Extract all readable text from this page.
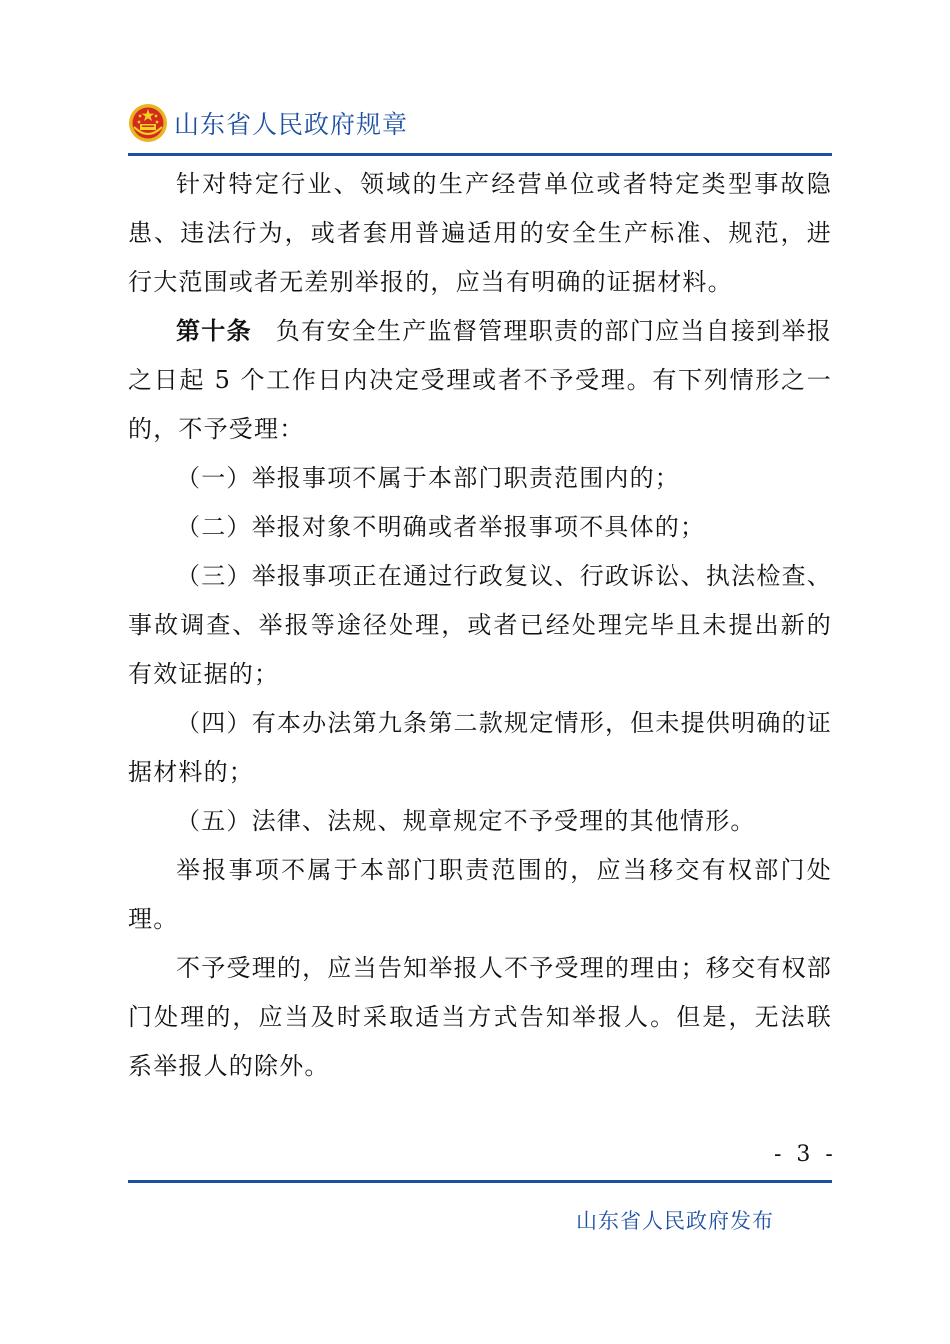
山东省人民政府规章

针对特定行业、领域的生产经营单位或者特定类型事故隐患、违法行为，或者套用普遍适用的安全生产标准、规范，进行大范围或者无差别举报的，应当有明确的证据材料。

第十条 负有安全生产监督管理职责的部门应当自接到举报之日起 5 个工作日内决定受理或者不予受理。有下列情形之一的，不予受理：

（一）举报事项不属于本部门职责范围内的；

（二）举报对象不明确或者举报事项不具体的；

（三）举报事项正在通过行政复议、行政诉讼、执法检查、事故调查、举报等途径处理，或者已经处理完毕且未提出新的有效证据的；

（四）有本办法第九条第二款规定情形，但未提供明确的证据材料的；

（五）法律、法规、规章规定不予受理的其他情形。

举报事项不属于本部门职责范围的，应当移交有权部门处理。

不予受理的，应当告知举报人不予受理的理由；移交有权部门处理的，应当及时采取适当方式告知举报人。但是，无法联系举报人的除外。

- 3 -
山东省人民政府发布
